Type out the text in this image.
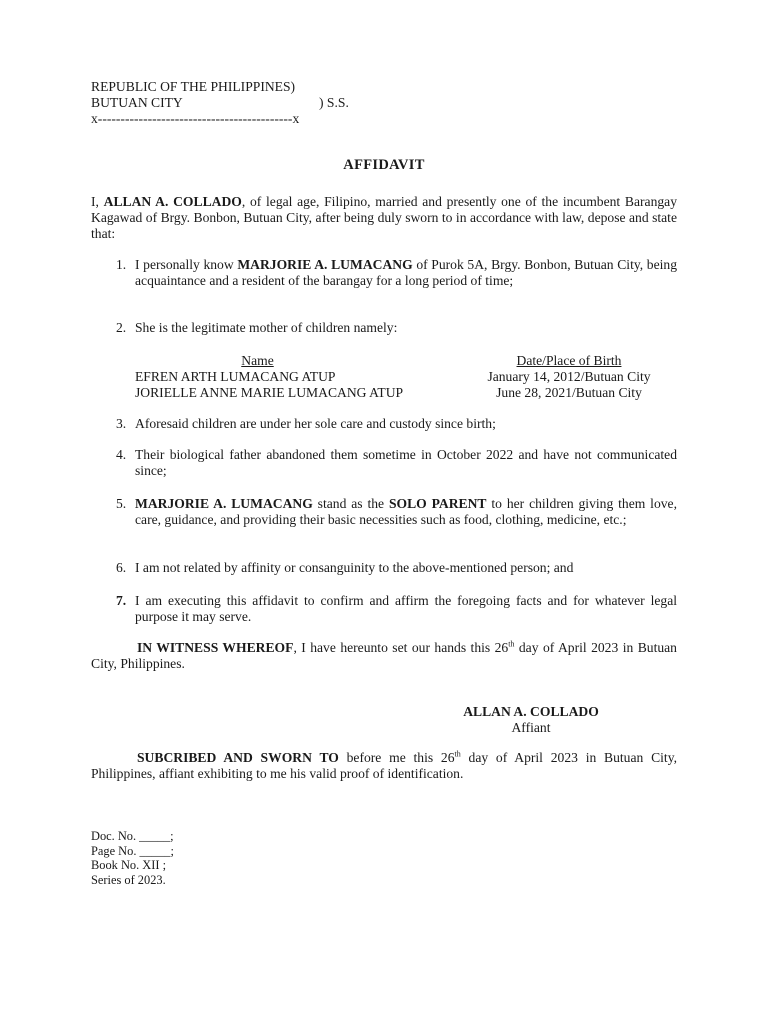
REPUBLIC OF THE PHILIPPINES)
BUTUAN CITY	) S.S.
x-------------------------------------------x
AFFIDAVIT
I, ALLAN A. COLLADO, of legal age, Filipino, married and presently one of the incumbent Barangay Kagawad of Brgy. Bonbon, Butuan City, after being duly sworn to in accordance with law, depose and state that:
1. I personally know MARJORIE A. LUMACANG of Purok 5A, Brgy. Bonbon, Butuan City, being acquaintance and a resident of the barangay for a long period of time;
2. She is the legitimate mother of children namely:
3. Aforesaid children are under her sole care and custody since birth;
4. Their biological father abandoned them sometime in October 2022 and have not communicated since;
5. MARJORIE A. LUMACANG stand as the SOLO PARENT to her children giving them love, care, guidance, and providing their basic necessities such as food, clothing, medicine, etc.;
6. I am not related by affinity or consanguinity to the above-mentioned person; and
7. I am executing this affidavit to confirm and affirm the foregoing facts and for whatever legal purpose it may serve.
Name	Date/Place of Birth
EFREN ARTH LUMACANG ATUP	January 14, 2012/Butuan City
JORIELLE ANNE MARIE LUMACANG ATUP	June 28, 2021/Butuan City
IN WITNESS WHEREOF, I have hereunto set our hands this 26th day of April 2023 in Butuan City, Philippines.
ALLAN A. COLLADO
Affiant
SUBCRIBED AND SWORN TO before me this 26th day of April 2023 in Butuan City, Philippines, affiant exhibiting to me his valid proof of identification.
Doc. No. _____;
Page No. _____;
Book No. XII ;
Series of 2023.
